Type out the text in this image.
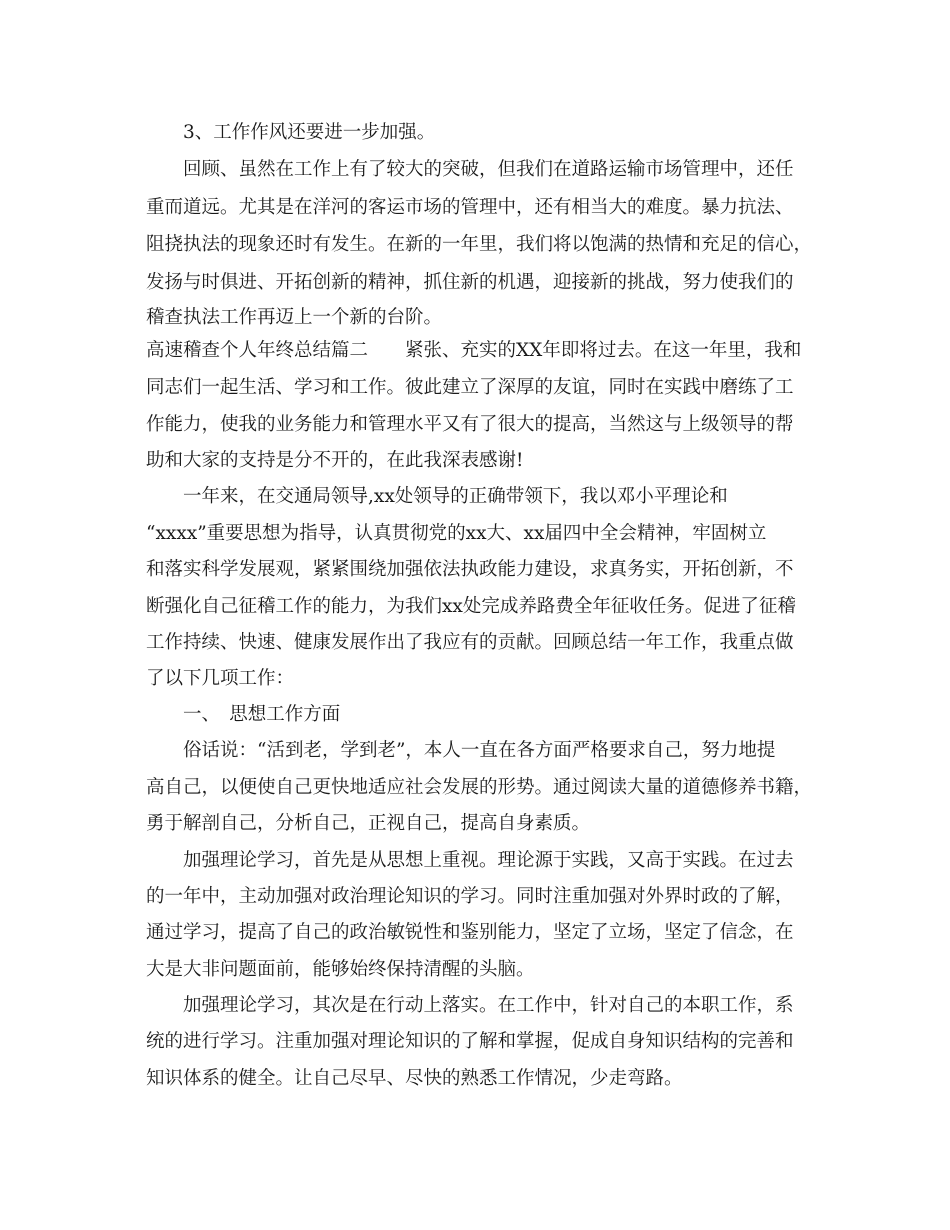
3、工作作风还要进一步加强。
回顾、虽然在工作上有了较大的突破，但我们在道路运输市场管理中，还任
重而道远。尤其是在洋河的客运市场的管理中，还有相当大的难度。暴力抗法、
阻挠执法的现象还时有发生。在新的一年里，我们将以饱满的热情和充足的信心，
发扬与时俱进、开拓创新的精神，抓住新的机遇，迎接新的挑战，努力使我们的
稽查执法工作再迈上一个新的台阶。
高速稽查个人年终总结篇二　　紧张、充实的XX年即将过去。在这一年里，我和
同志们一起生活、学习和工作。彼此建立了深厚的友谊，同时在实践中磨练了工
作能力，使我的业务能力和管理水平又有了很大的提高，当然这与上级领导的帮
助和大家的支持是分不开的，在此我深表感谢!
一年来，在交通局领导,xx处领导的正确带领下，我以邓小平理论和
“xxxx”重要思想为指导，认真贯彻党的xx大、xx届四中全会精神，牢固树立
和落实科学发展观，紧紧围绕加强依法执政能力建设，求真务实，开拓创新，不
断强化自己征稽工作的能力，为我们xx处完成养路费全年征收任务。促进了征稽
工作持续、快速、健康发展作出了我应有的贡献。回顾总结一年工作，我重点做
了以下几项工作：
一、　思想工作方面
俗话说：“活到老，学到老”，本人一直在各方面严格要求自己，努力地提
高自己，以便使自己更快地适应社会发展的形势。通过阅读大量的道德修养书籍，
勇于解剖自己，分析自己，正视自己，提高自身素质。
加强理论学习，首先是从思想上重视。理论源于实践，又高于实践。在过去
的一年中，主动加强对政治理论知识的学习。同时注重加强对外界时政的了解，
通过学习，提高了自己的政治敏锐性和鉴别能力，坚定了立场，坚定了信念，在
大是大非问题面前，能够始终保持清醒的头脑。
加强理论学习，其次是在行动上落实。在工作中，针对自己的本职工作，系
统的进行学习。注重加强对理论知识的了解和掌握，促成自身知识结构的完善和
知识体系的健全。让自己尽早、尽快的熟悉工作情况，少走弯路。
